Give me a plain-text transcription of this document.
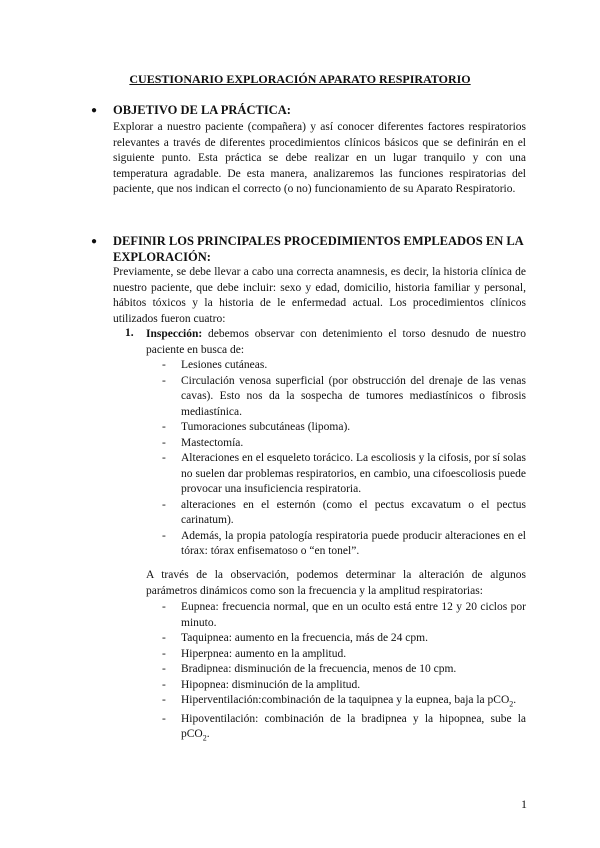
CUESTIONARIO EXPLORACIÓN APARATO RESPIRATORIO
● OBJETIVO DE LA PRÁCTICA:
Explorar a nuestro paciente (compañera) y así conocer diferentes factores respiratorios relevantes a través de diferentes procedimientos clínicos básicos que se definirán en el siguiente punto. Esta práctica se debe realizar en un lugar tranquilo y con una temperatura agradable. De esta manera, analizaremos las funciones respiratorias del paciente, que nos indican el correcto (o no) funcionamiento de su Aparato Respiratorio.
● DEFINIR LOS PRINCIPALES PROCEDIMIENTOS EMPLEADOS EN LA EXPLORACIÓN:
Previamente, se debe llevar a cabo una correcta anamnesis, es decir, la historia clínica de nuestro paciente, que debe incluir: sexo y edad, domicilio, historia familiar y personal, hábitos tóxicos y la historia de le enfermedad actual. Los procedimientos clínicos utilizados fueron cuatro:
1. Inspección: debemos observar con detenimiento el torso desnudo de nuestro paciente en busca de:
- Lesiones cutáneas.
- Circulación venosa superficial (por obstrucción del drenaje de las venas cavas). Esto nos da la sospecha de tumores mediastínicos o fibrosis mediastínica.
- Tumoraciones subcutáneas (lipoma).
- Mastectomía.
- Alteraciones en el esqueleto torácico. La escoliosis y la cifosis, por sí solas no suelen dar problemas respiratorios, en cambio, una cifoescoliosis puede provocar una insuficiencia respiratoria.
- alteraciones en el esternón (como el pectus excavatum o el pectus carinatum).
- Además, la propia patología respiratoria puede producir alteraciones en el tórax: tórax enfisematoso o “en tonel”.
A través de la observación, podemos determinar la alteración de algunos parámetros dinámicos como son la frecuencia y la amplitud respiratorias:
- Eupnea: frecuencia normal, que en un oculto está entre 12 y 20 ciclos por minuto.
- Taquipnea: aumento en la frecuencia, más de 24 cpm.
- Hiperpnea: aumento en la amplitud.
- Bradipnea: disminución de la frecuencia, menos de 10 cpm.
- Hipopnea: disminución de la amplitud.
- Hiperventilación:combinación de la taquipnea y la eupnea, baja la pCO$_2$.
- Hipoventilación: combinación de la bradipnea y la hipopnea, sube la pCO$_2$.
1
